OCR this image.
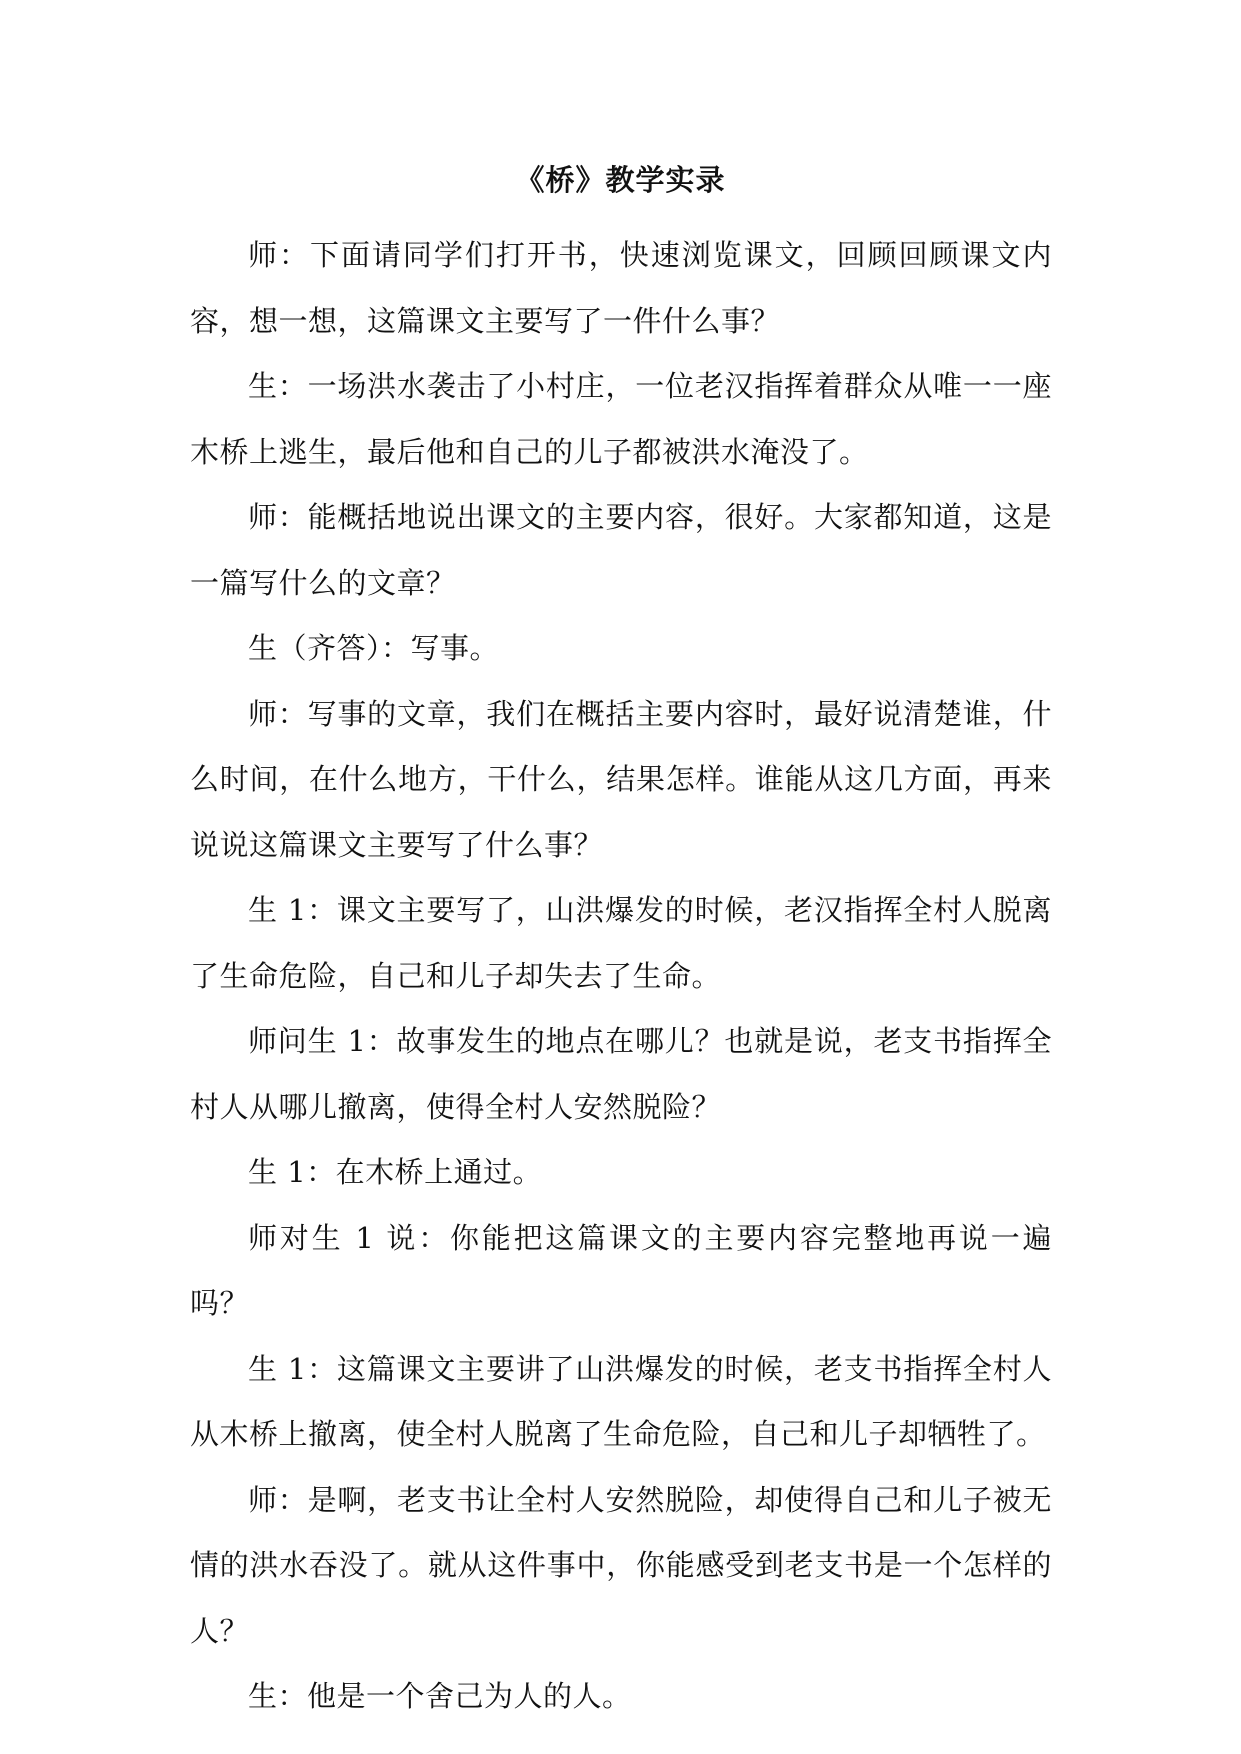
《桥》教学实录

师：下面请同学们打开书，快速浏览课文，回顾回顾课文内容，想一想，这篇课文主要写了一件什么事？

生：一场洪水袭击了小村庄，一位老汉指挥着群众从唯一一座木桥上逃生，最后他和自己的儿子都被洪水淹没了。

师：能概括地说出课文的主要内容，很好。大家都知道，这是一篇写什么的文章？

生（齐答）：写事。

师：写事的文章，我们在概括主要内容时，最好说清楚谁，什么时间，在什么地方，干什么，结果怎样。谁能从这几方面，再来说说这篇课文主要写了什么事？

生 1：课文主要写了，山洪爆发的时候，老汉指挥全村人脱离了生命危险，自己和儿子却失去了生命。

师问生 1：故事发生的地点在哪儿？也就是说，老支书指挥全村人从哪儿撤离，使得全村人安然脱险？

生 1：在木桥上通过。

师对生 1 说：你能把这篇课文的主要内容完整地再说一遍吗？

生 1：这篇课文主要讲了山洪爆发的时候，老支书指挥全村人从木桥上撤离，使全村人脱离了生命危险，自己和儿子却牺牲了。

师：是啊，老支书让全村人安然脱险，却使得自己和儿子被无情的洪水吞没了。就从这件事中，你能感受到老支书是一个怎样的人？

生：他是一个舍己为人的人。
